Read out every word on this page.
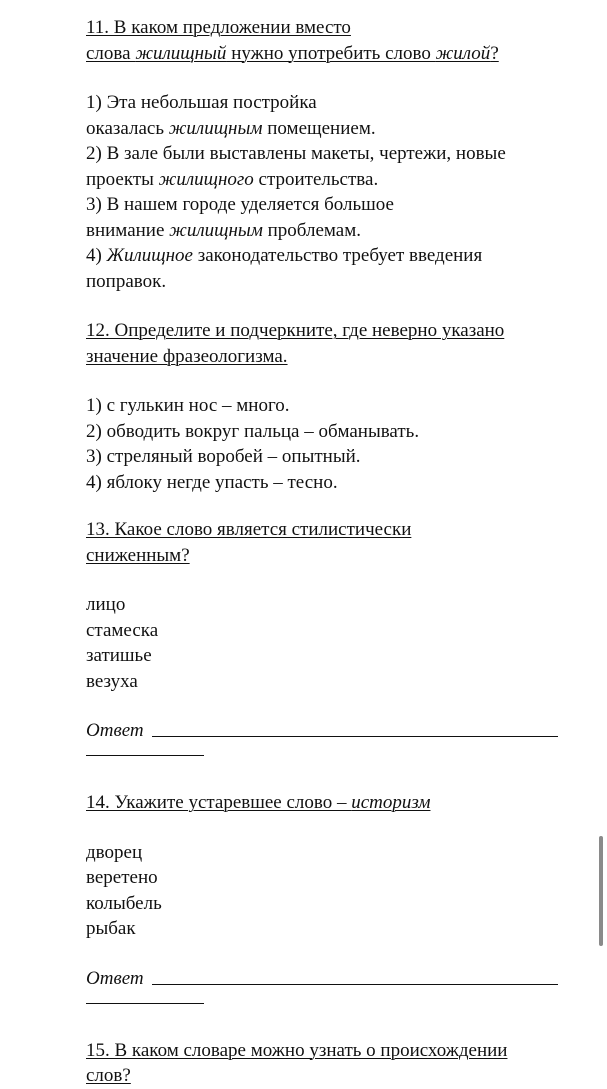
11. В каком предложении вместо
слова жилищный нужно употребить слово жилой?
1) Эта небольшая постройка
оказалась жилищным помещением.
2) В зале были выставлены макеты, чертежи, новые
проекты жилищного строительства.
3) В нашем городе уделяется большое
внимание жилищным проблемам.
4) Жилищное законодательство требует введения
поправок.
12. Определите и подчеркните, где неверно указано
значение фразеологизма.
1) с гулькин нос – много.
2) обводить вокруг пальца – обманывать.
3) стреляный воробей – опытный.
4) яблоку негде упасть – тесно.
13. Какое слово является стилистически
сниженным?
лицо
стамеска
затишье
везуха
Ответ
14. Укажите устаревшее слово – историзм
дворец
веретено
колыбель
рыбак
Ответ
15. В каком словаре можно узнать о происхождении
слов?
